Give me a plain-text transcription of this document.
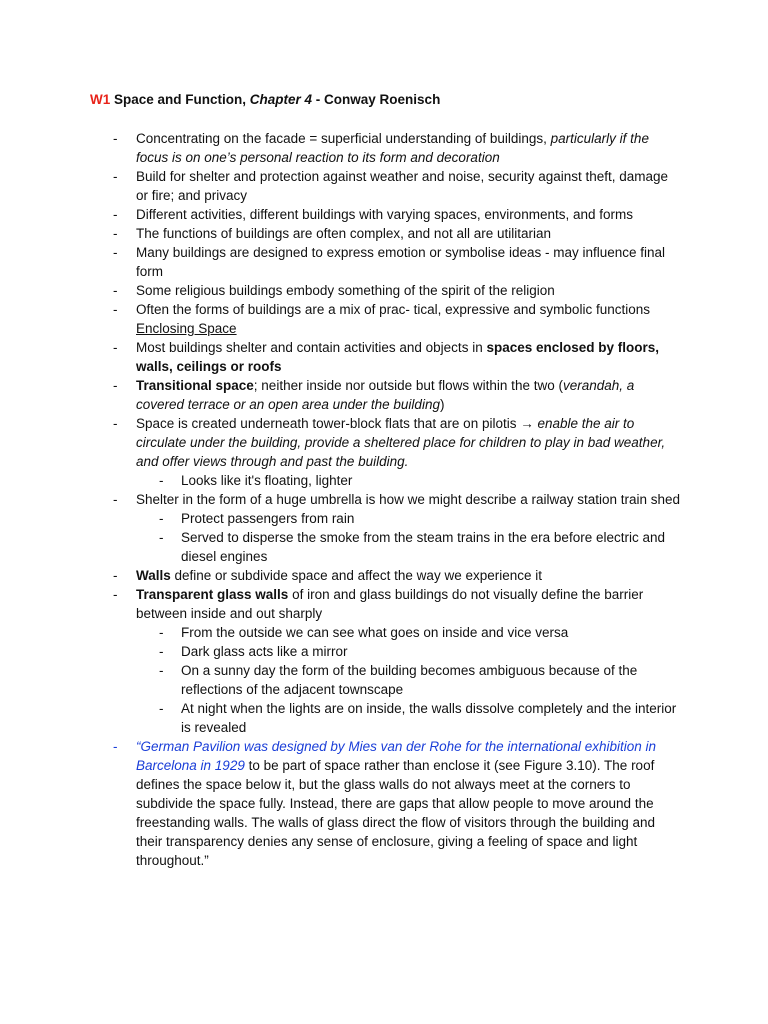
W1 Space and Function, Chapter 4 - Conway Roenisch
- Concentrating on the facade = superficial understanding of buildings, particularly if the focus is on one’s personal reaction to its form and decoration
- Build for shelter and protection against weather and noise, security against theft, damage or fire; and privacy
- Different activities, different buildings with varying spaces, environments, and forms
- The functions of buildings are often complex, and not all are utilitarian
- Many buildings are designed to express emotion or symbolise ideas - may influence final form
- Some religious buildings embody something of the spirit of the religion
- Often the forms of buildings are a mix of prac- tical, expressive and symbolic functions
Enclosing Space
- Most buildings shelter and contain activities and objects in spaces enclosed by floors, walls, ceilings or roofs
- Transitional space; neither inside nor outside but flows within the two (verandah, a covered terrace or an open area under the building)
- Space is created underneath tower-block flats that are on pilotis → enable the air to circulate under the building, provide a sheltered place for children to play in bad weather, and offer views through and past the building.
- Looks like it's floating, lighter
- Shelter in the form of a huge umbrella is how we might describe a railway station train shed
- Protect passengers from rain
- Served to disperse the smoke from the steam trains in the era before electric and diesel engines
- Walls define or subdivide space and affect the way we experience it
- Transparent glass walls of iron and glass buildings do not visually define the barrier between inside and out sharply
- From the outside we can see what goes on inside and vice versa
- Dark glass acts like a mirror
- On a sunny day the form of the building becomes ambiguous because of the reflections of the adjacent townscape
- At night when the lights are on inside, the walls dissolve completely and the interior is revealed
- “German Pavilion was designed by Mies van der Rohe for the international exhibition in Barcelona in 1929 to be part of space rather than enclose it (see Figure 3.10). The roof defines the space below it, but the glass walls do not always meet at the corners to subdivide the space fully. Instead, there are gaps that allow people to move around the freestanding walls. The walls of glass direct the flow of visitors through the building and their transparency denies any sense of enclosure, giving a feeling of space and light throughout.”
